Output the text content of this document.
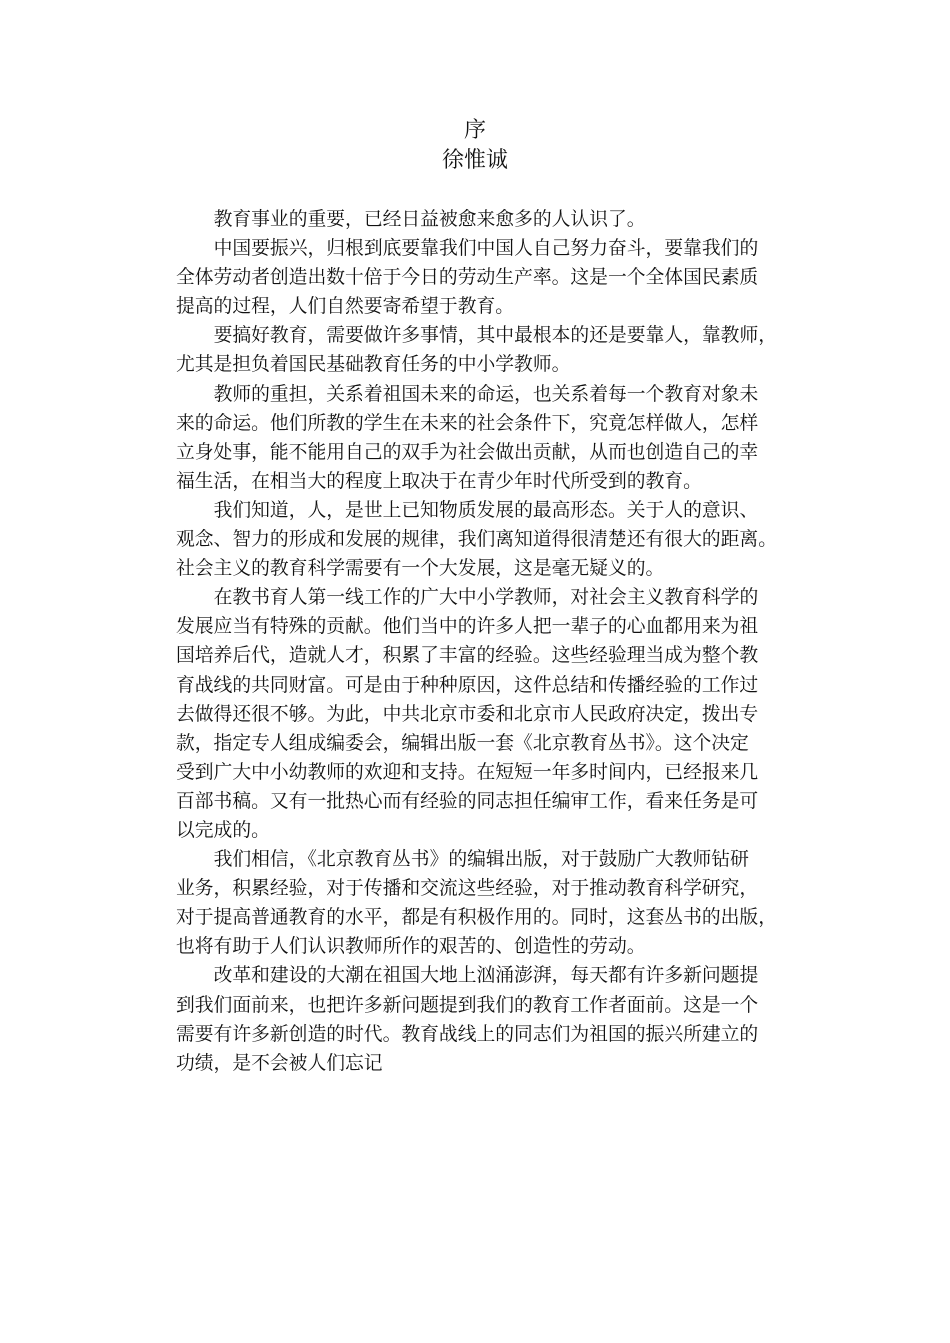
序
徐惟诚

教育事业的重要，已经日益被愈来愈多的人认识了。

中国要振兴，归根到底要靠我们中国人自己努力奋斗，要靠我们的
全体劳动者创造出数十倍于今日的劳动生产率。这是一个全体国民素质
提高的过程，人们自然要寄希望于教育。

要搞好教育，需要做许多事情，其中最根本的还是要靠人，靠教师，
尤其是担负着国民基础教育任务的中小学教师。

教师的重担，关系着祖国未来的命运，也关系着每一个教育对象未
来的命运。他们所教的学生在未来的社会条件下，究竟怎样做人，怎样
立身处事，能不能用自己的双手为社会做出贡献，从而也创造自己的幸
福生活，在相当大的程度上取决于在青少年时代所受到的教育。

我们知道，人，是世上已知物质发展的最高形态。关于人的意识、
观念、智力的形成和发展的规律，我们离知道得很清楚还有很大的距离。
社会主义的教育科学需要有一个大发展，这是毫无疑义的。

在教书育人第一线工作的广大中小学教师，对社会主义教育科学的
发展应当有特殊的贡献。他们当中的许多人把一辈子的心血都用来为祖
国培养后代，造就人才，积累了丰富的经验。这些经验理当成为整个教
育战线的共同财富。可是由于种种原因，这件总结和传播经验的工作过
去做得还很不够。为此，中共北京市委和北京市人民政府决定，拨出专
款，指定专人组成编委会，编辑出版一套《北京教育丛书》。这个决定
受到广大中小幼教师的欢迎和支持。在短短一年多时间内，已经报来几
百部书稿。又有一批热心而有经验的同志担任编审工作，看来任务是可
以完成的。

我们相信，《北京教育丛书》的编辑出版，对于鼓励广大教师钻研
业务，积累经验，对于传播和交流这些经验，对于推动教育科学研究，
对于提高普通教育的水平，都是有积极作用的。同时，这套丛书的出版，
也将有助于人们认识教师所作的艰苦的、创造性的劳动。

改革和建设的大潮在祖国大地上汹涌澎湃，每天都有许多新问题提
到我们面前来，也把许多新问题提到我们的教育工作者面前。这是一个
需要有许多新创造的时代。教育战线上的同志们为祖国的振兴所建立的
功绩，是不会被人们忘记
